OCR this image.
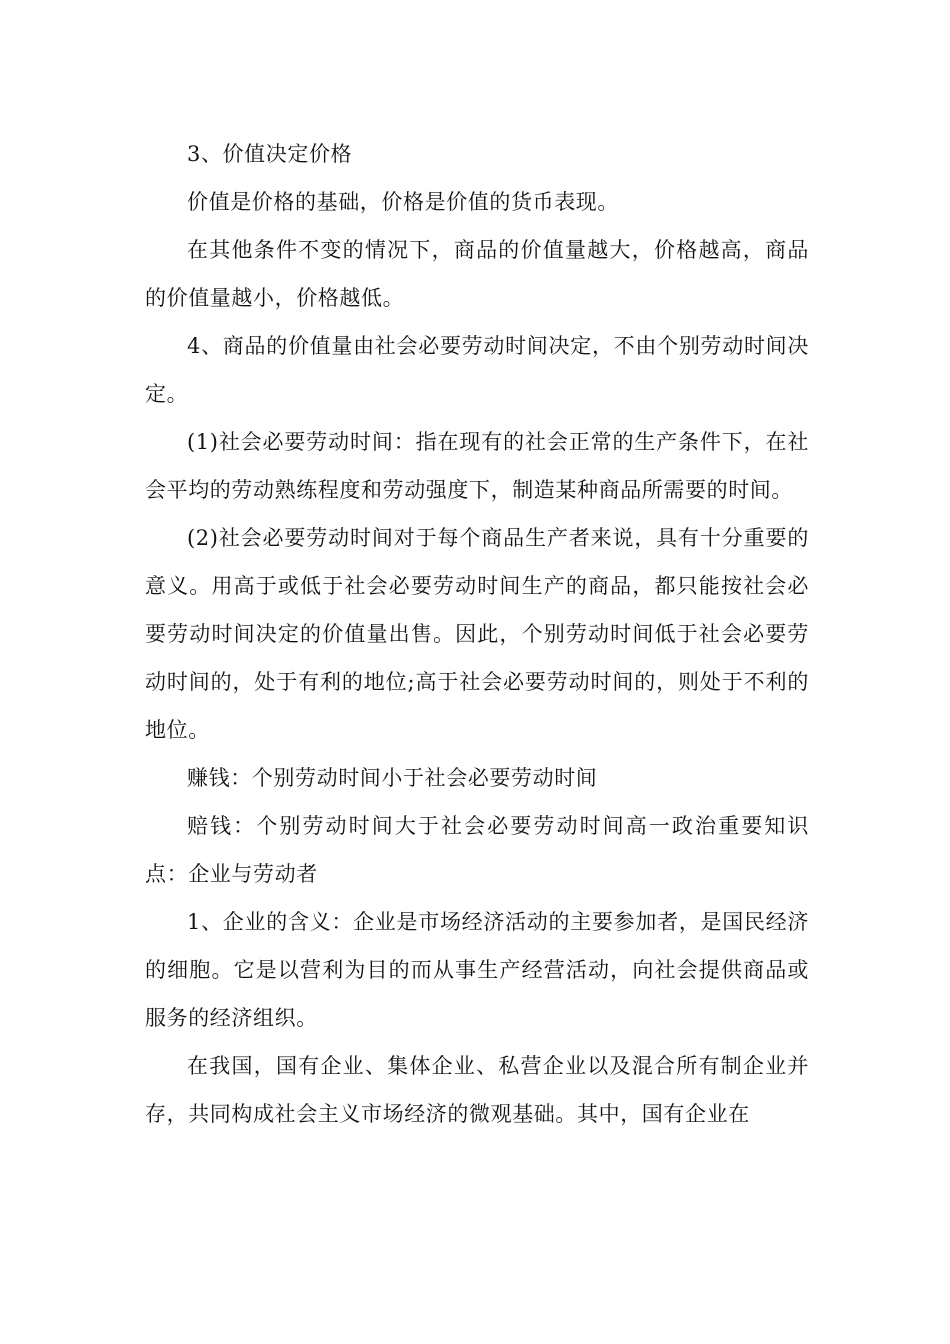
3、价值决定价格

价值是价格的基础，价格是价值的货币表现。

在其他条件不变的情况下，商品的价值量越大，价格越高，商品的价值量越小，价格越低。

4、商品的价值量由社会必要劳动时间决定，不由个别劳动时间决定。

(1)社会必要劳动时间：指在现有的社会正常的生产条件下，在社会平均的劳动熟练程度和劳动强度下，制造某种商品所需要的时间。

(2)社会必要劳动时间对于每个商品生产者来说，具有十分重要的意义。用高于或低于社会必要劳动时间生产的商品，都只能按社会必要劳动时间决定的价值量出售。因此，个别劳动时间低于社会必要劳动时间的，处于有利的地位;高于社会必要劳动时间的，则处于不利的地位。

赚钱：个别劳动时间小于社会必要劳动时间

赔钱：个别劳动时间大于社会必要劳动时间高一政治重要知识点：企业与劳动者

1、企业的含义：企业是市场经济活动的主要参加者，是国民经济的细胞。它是以营利为目的而从事生产经营活动，向社会提供商品或服务的经济组织。

在我国，国有企业、集体企业、私营企业以及混合所有制企业并存，共同构成社会主义市场经济的微观基础。其中，国有企业在
